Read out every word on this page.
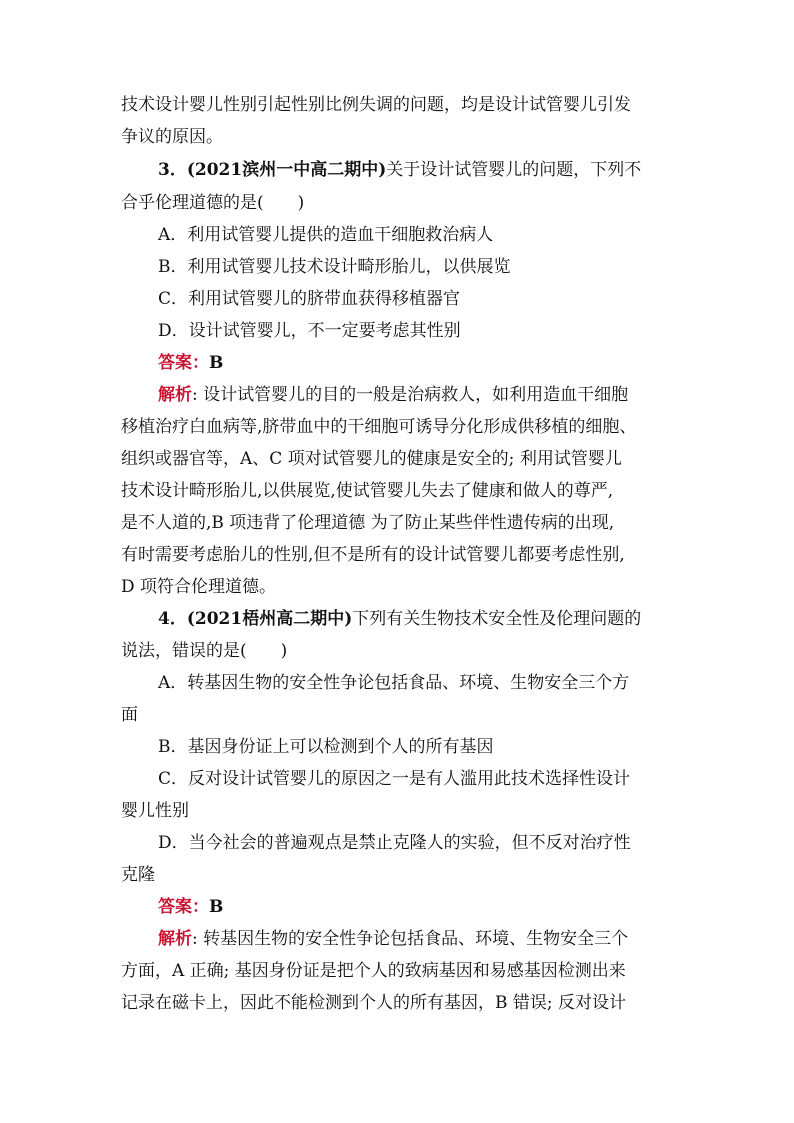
技术设计婴儿性别引起性别比例失调的问题，均是设计试管婴儿引发
争议的原因。
3．(2021滨州一中高二期中)关于设计试管婴儿的问题，下列不
合乎伦理道德的是(　　)
A．利用试管婴儿提供的造血干细胞救治病人
B．利用试管婴儿技术设计畸形胎儿，以供展览
C．利用试管婴儿的脐带血获得移植器官
D．设计试管婴儿，不一定要考虑其性别
答案：B
解析: 设计试管婴儿的目的一般是治病救人，如利用造血干细胞
移植治疗白血病等,脐带血中的干细胞可诱导分化形成供移植的细胞、
组织或器官等，A、C 项对试管婴儿的健康是安全的; 利用试管婴儿
技术设计畸形胎儿,以供展览,使试管婴儿失去了健康和做人的尊严,
是不人道的,B 项违背了伦理道德 为了防止某些伴性遗传病的出现,
有时需要考虑胎儿的性别,但不是所有的设计试管婴儿都要考虑性别,
D 项符合伦理道德。
4．(2021梧州高二期中)下列有关生物技术安全性及伦理问题的
说法，错误的是(　　)
A．转基因生物的安全性争论包括食品、环境、生物安全三个方
面
B．基因身份证上可以检测到个人的所有基因
C．反对设计试管婴儿的原因之一是有人滥用此技术选择性设计
婴儿性别
D．当今社会的普遍观点是禁止克隆人的实验，但不反对治疗性
克隆
答案：B
解析: 转基因生物的安全性争论包括食品、环境、生物安全三个
方面，A 正确; 基因身份证是把个人的致病基因和易感基因检测出来
记录在磁卡上，因此不能检测到个人的所有基因，B 错误; 反对设计
